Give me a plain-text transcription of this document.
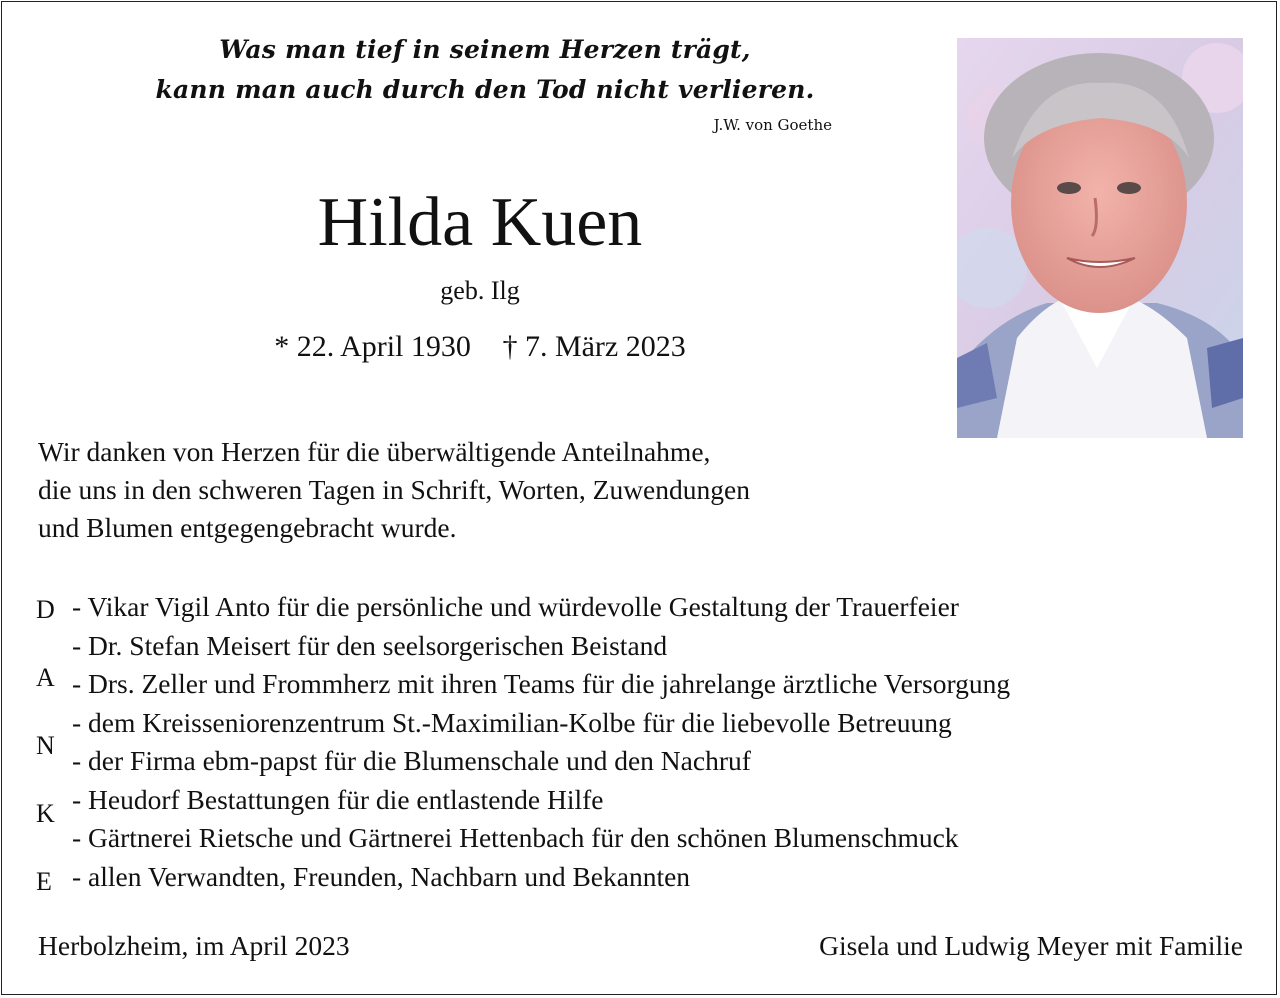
Was man tief in seinem Herzen trägt,
kann man auch durch den Tod nicht verlieren.
J.W. von Goethe
Hilda Kuen
geb. Ilg
* 22. April 1930 † 7. März 2023
Wir danken von Herzen für die überwältigende Anteilnahme,
die uns in den schweren Tagen in Schrift, Worten, Zuwendungen
und Blumen entgegengebracht wurde.
D
A
N
K
E
- Vikar Vigil Anto für die persönliche und würdevolle Gestaltung der Trauerfeier
- Dr. Stefan Meisert für den seelsorgerischen Beistand
- Drs. Zeller und Frommherz mit ihren Teams für die jahrelange ärztliche Versorgung
- dem Kreisseniorenzentrum St.-Maximilian-Kolbe für die liebevolle Betreuung
- der Firma ebm-papst für die Blumenschale und den Nachruf
- Heudorf Bestattungen für die entlastende Hilfe
- Gärtnerei Rietsche und Gärtnerei Hettenbach für den schönen Blumenschmuck
- allen Verwandten, Freunden, Nachbarn und Bekannten
Herbolzheim, im April 2023	Gisela und Ludwig Meyer mit Familie
